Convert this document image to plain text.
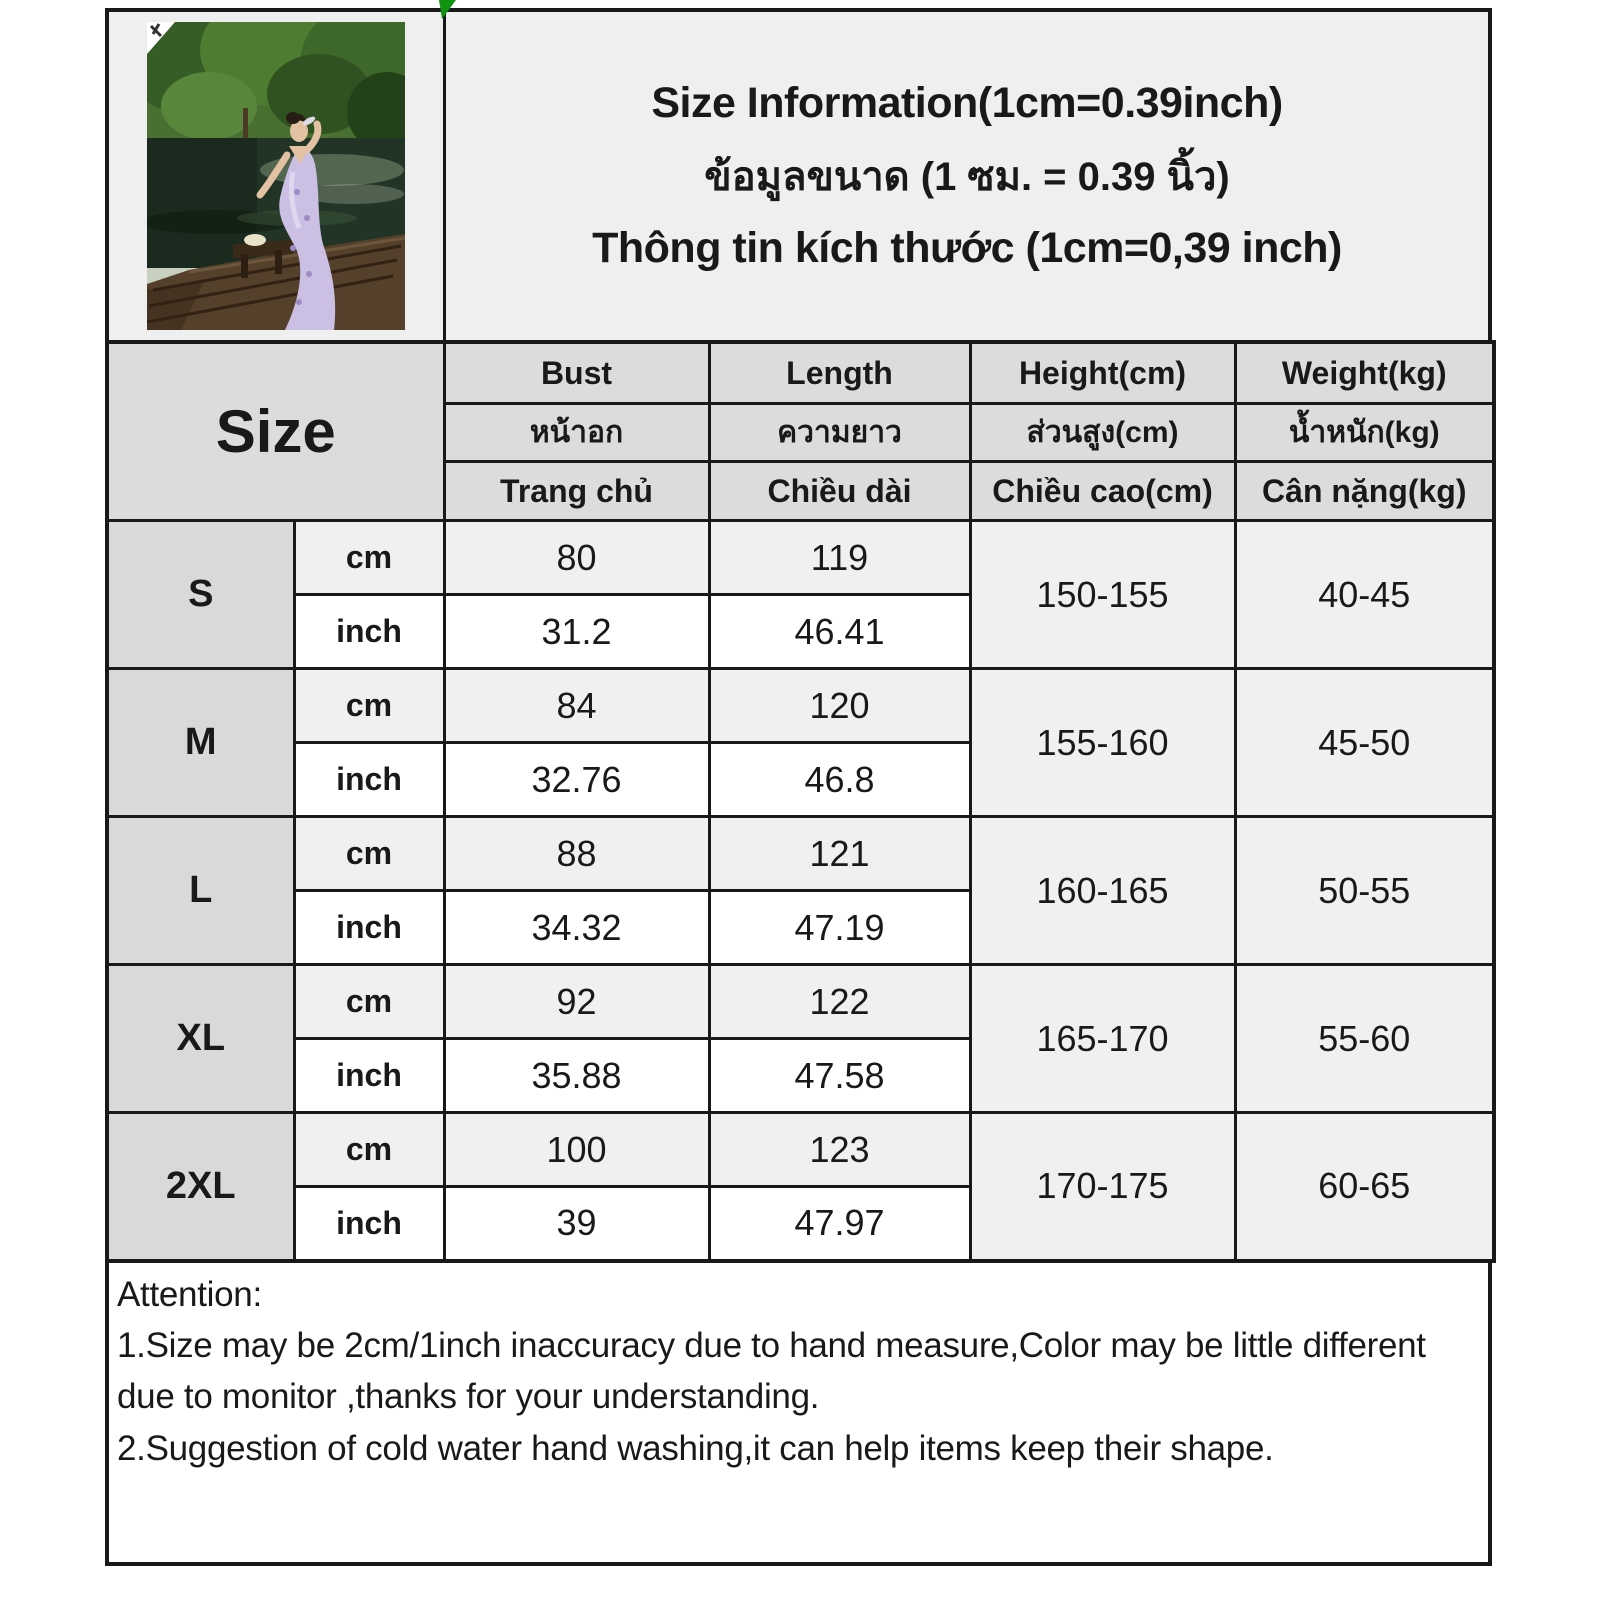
Size Information(1cm=0.39inch)
ข้อมูลขนาด (1 ซม. = 0.39 นิ้ว)
Thông tin kích thước (1cm=0,39 inch)
Size		Bust	Length	Height(cm)	Weight(kg)
		หน้าอก	ความยาว	ส่วนสูง(cm)	น้ำหนัก(kg)
		Trang chủ	Chiều dài	Chiều cao(cm)	Cân nặng(kg)
S	cm	80	119	150-155	40-45
	inch	31.2	46.41		
M	cm	84	120	155-160	45-50
	inch	32.76	46.8		
L	cm	88	121	160-165	50-55
	inch	34.32	47.19		
XL	cm	92	122	165-170	55-60
	inch	35.88	47.58		
2XL	cm	100	123	170-175	60-65
	inch	39	47.97		
Attention:
1.Size may be 2cm/1inch inaccuracy due to hand measure,Color may be little different due to monitor ,thanks for your understanding.
2.Suggestion of cold water hand washing,it can help items keep their shape.
